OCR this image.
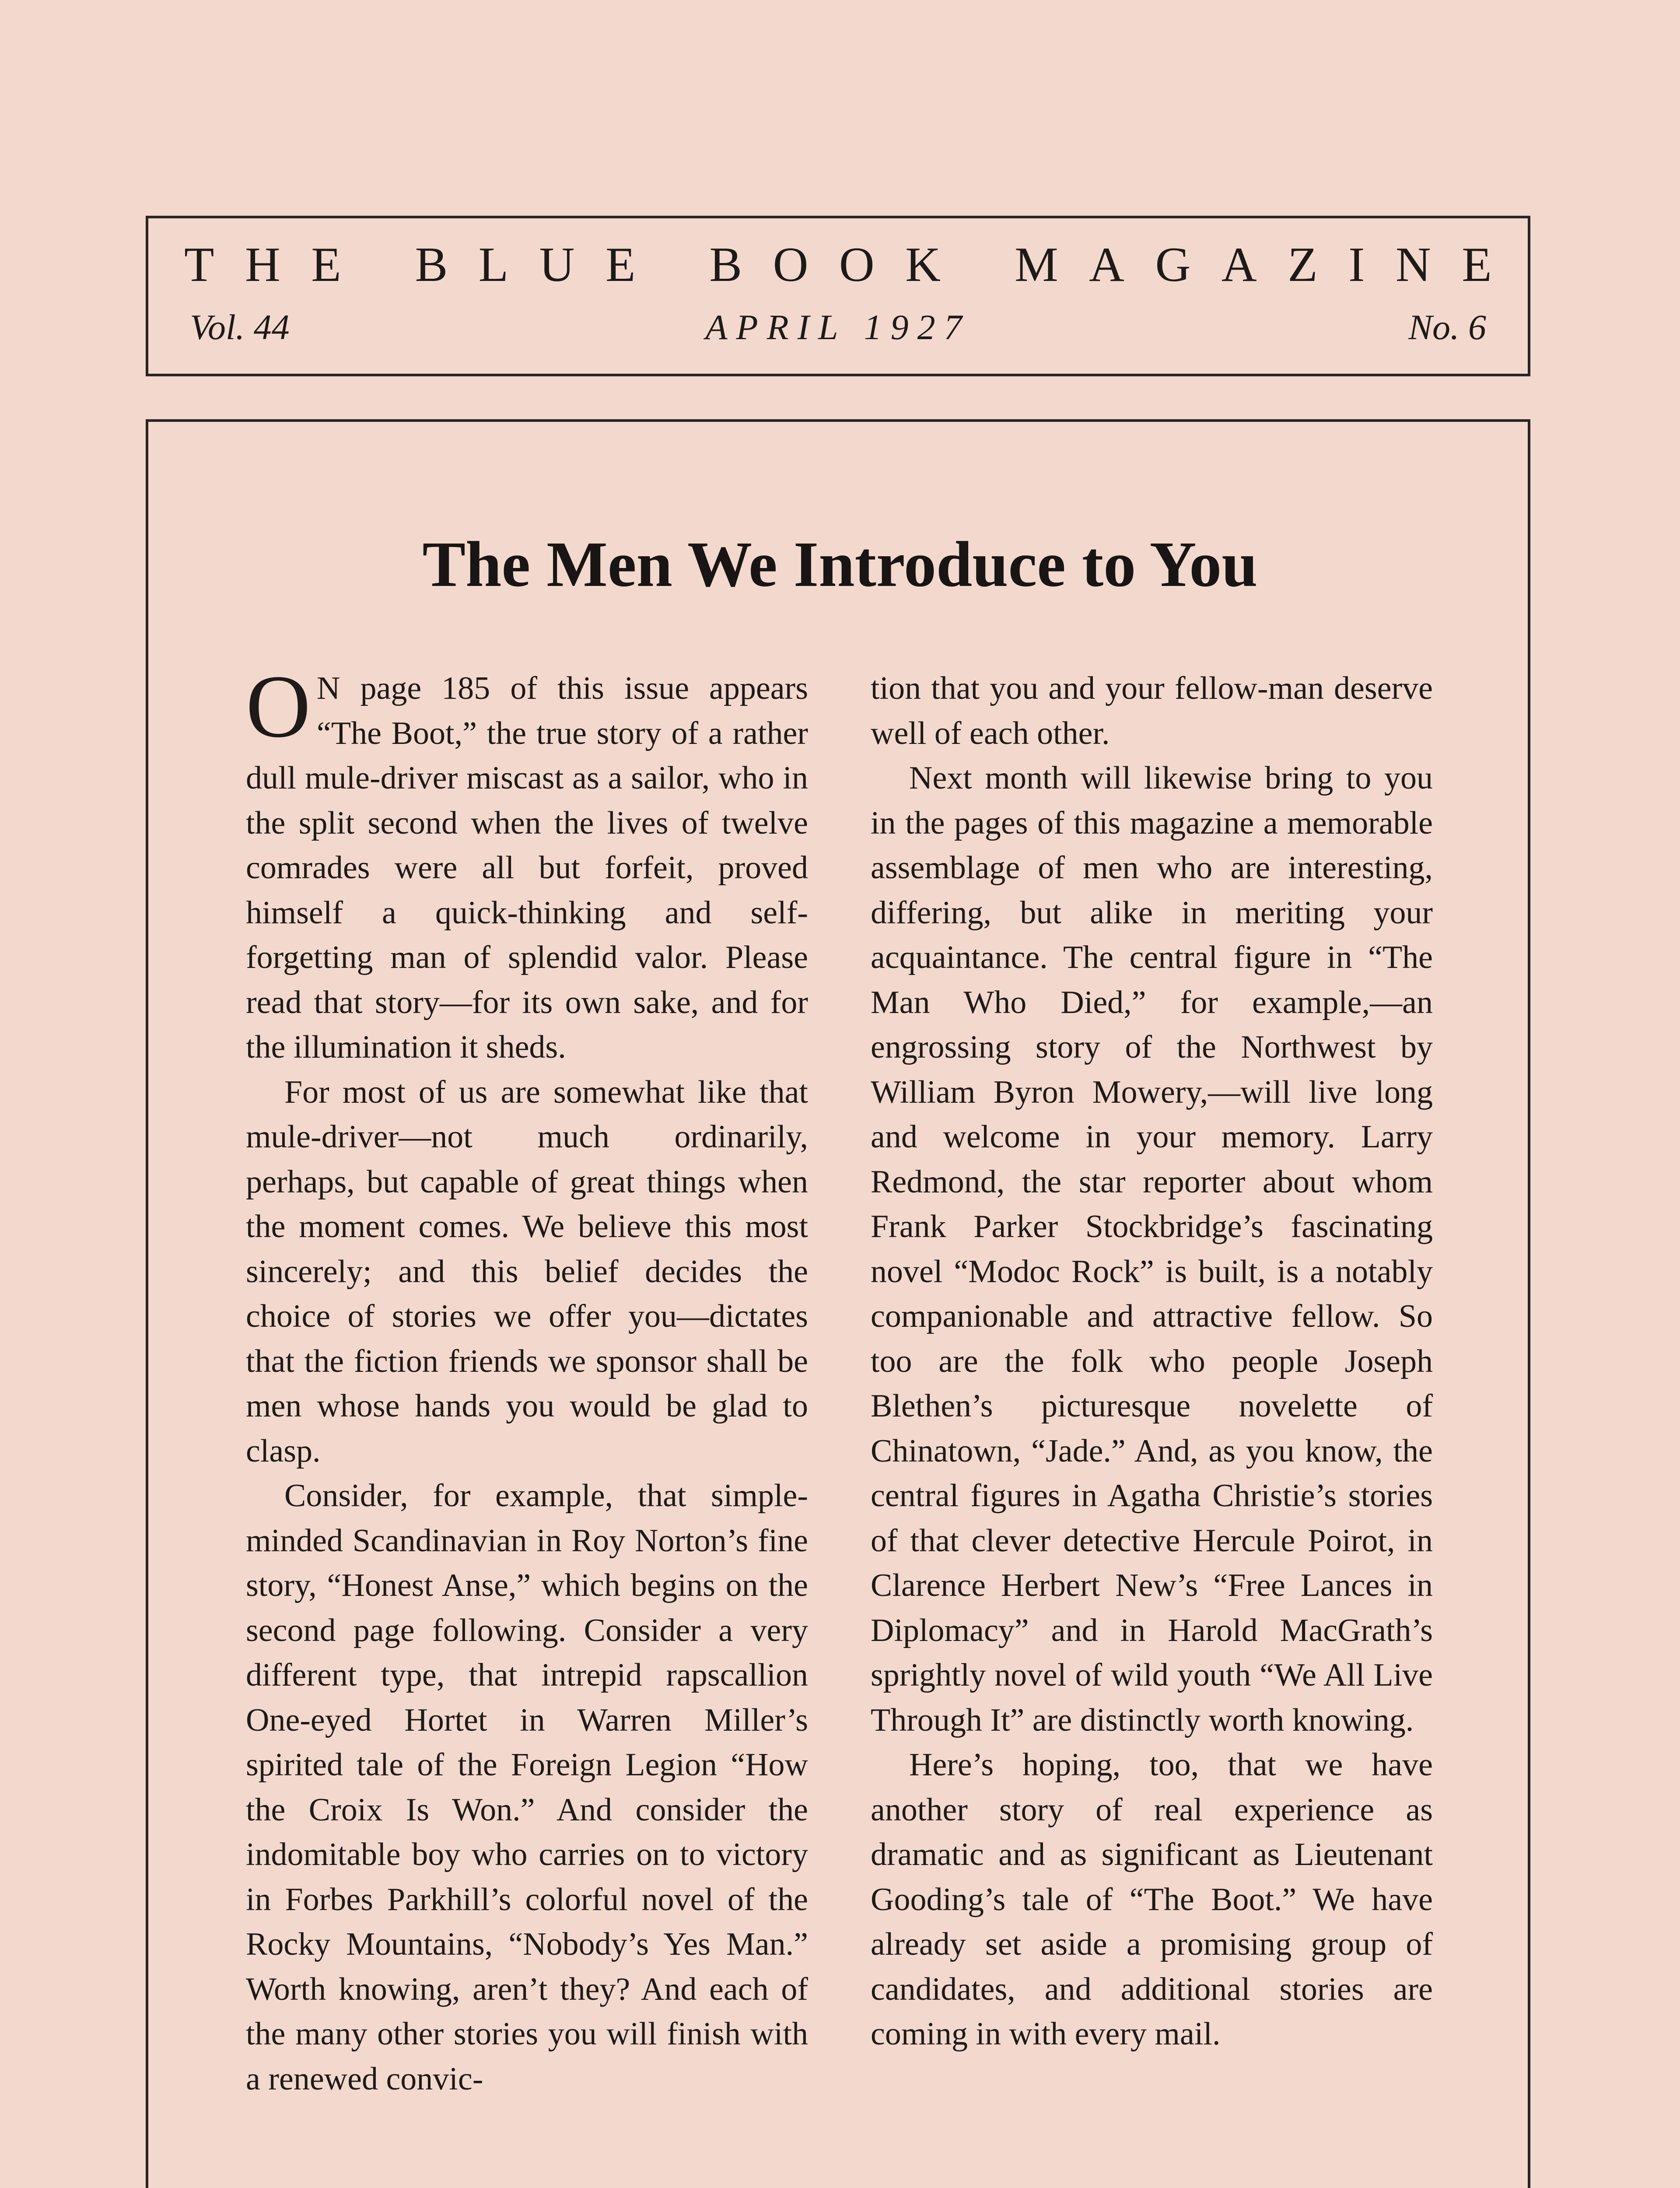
T H E
B L U E
B O O K
M A G A Z I N E
Vol. 44	APRIL 1927	No. 6
The Men We Introduce to You

O N page 185 of this issue appears “The Boot,” the true story of a rather dull mule-driver miscast as a sailor, who in the split second when the lives of twelve comrades were all but forfeit, proved himself a quick-thinking and self-forgetting man of splendid valor. Please read that story—for its own sake, and for the illumination it sheds.

For most of us are somewhat like that mule-driver—not much ordinarily, perhaps, but capable of great things when the moment comes. We believe this most sincerely; and this belief decides the choice of stories we offer you—dictates that the fiction friends we sponsor shall be men whose hands you would be glad to clasp.

Consider, for example, that simple-minded Scandinavian in Roy Norton’s fine story, “Honest Anse,” which begins on the second page following. Consider a very different type, that intrepid rapscallion One-eyed Hortet in Warren Miller’s spirited tale of the Foreign Legion “How the Croix Is Won.” And consider the indomitable boy who carries on to victory in Forbes Parkhill’s colorful novel of the Rocky Mountains, “Nobody’s Yes Man.” Worth knowing, aren’t they? And each of the many other stories you will finish with a renewed convic-

tion that you and your fellow-man deserve well of each other.

Next month will likewise bring to you in the pages of this magazine a memorable assemblage of men who are interesting, differing, but alike in meriting your acquaintance. The central figure in “The Man Who Died,” for example,—an engrossing story of the Northwest by William Byron Mowery,—will live long and welcome in your memory. Larry Redmond, the star reporter about whom Frank Parker Stockbridge’s fascinating novel “Modoc Rock” is built, is a notably companionable and attractive fellow. So too are the folk who people Joseph Blethen’s picturesque novelette of Chinatown, “Jade.” And, as you know, the central figures in Agatha Christie’s stories of that clever detective Hercule Poirot, in Clarence Herbert New’s “Free Lances in Diplomacy” and in Harold MacGrath’s sprightly novel of wild youth “We All Live Through It” are distinctly worth knowing.

Here’s hoping, too, that we have another story of real experience as dramatic and as significant as Lieutenant Gooding’s tale of “The Boot.” We have already set aside a promising group of candidates, and additional stories are coming in with every mail.
